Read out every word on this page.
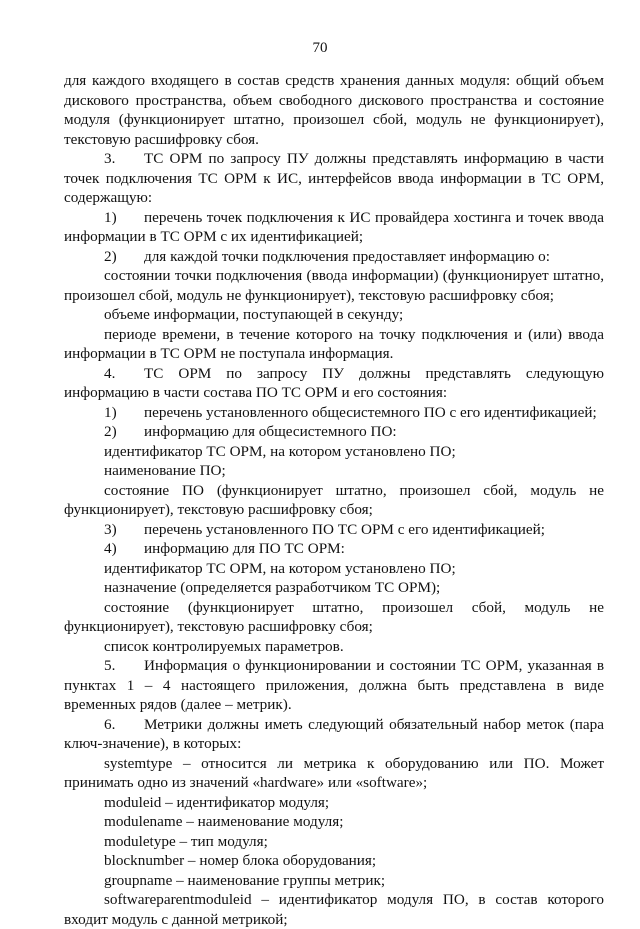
70
для каждого входящего в состав средств хранения данных модуля: общий объем дискового пространства, объем свободного дискового пространства и состояние модуля (функционирует штатно, произошел сбой, модуль не функционирует), текстовую расшифровку сбоя.
3. ТС ОРМ по запросу ПУ должны представлять информацию в части точек подключения ТС ОРМ к ИС, интерфейсов ввода информации в ТС ОРМ, содержащую:
1) перечень точек подключения к ИС провайдера хостинга и точек ввода информации в ТС ОРМ с их идентификацией;
2) для каждой точки подключения предоставляет информацию о:
состоянии точки подключения (ввода информации) (функционирует штатно, произошел сбой, модуль не функционирует), текстовую расшифровку сбоя;
объеме информации, поступающей в секунду;
периоде времени, в течение которого на точку подключения и (или) ввода информации в ТС ОРМ не поступала информация.
4. ТС ОРМ по запросу ПУ должны представлять следующую информацию в части состава ПО ТС ОРМ и его состояния:
1) перечень установленного общесистемного ПО с его идентификацией;
2) информацию для общесистемного ПО:
идентификатор ТС ОРМ, на котором установлено ПО;
наименование ПО;
состояние ПО (функционирует штатно, произошел сбой, модуль не функционирует), текстовую расшифровку сбоя;
3) перечень установленного ПО ТС ОРМ с его идентификацией;
4) информацию для ПО ТС ОРМ:
идентификатор ТС ОРМ, на котором установлено ПО;
назначение (определяется разработчиком ТС ОРМ);
состояние (функционирует штатно, произошел сбой, модуль не функционирует), текстовую расшифровку сбоя;
список контролируемых параметров.
5. Информация о функционировании и состоянии ТС ОРМ, указанная в пунктах 1 – 4 настоящего приложения, должна быть представлена в виде временных рядов (далее – метрик).
6. Метрики должны иметь следующий обязательный набор меток (пара ключ-значение), в которых:
systemtype – относится ли метрика к оборудованию или ПО. Может принимать одно из значений «hardware» или «software»;
moduleid – идентификатор модуля;
modulename – наименование модуля;
moduletype – тип модуля;
blocknumber – номер блока оборудования;
groupname – наименование группы метрик;
softwareparentmoduleid – идентификатор модуля ПО, в состав которого входит модуль с данной метрикой;
